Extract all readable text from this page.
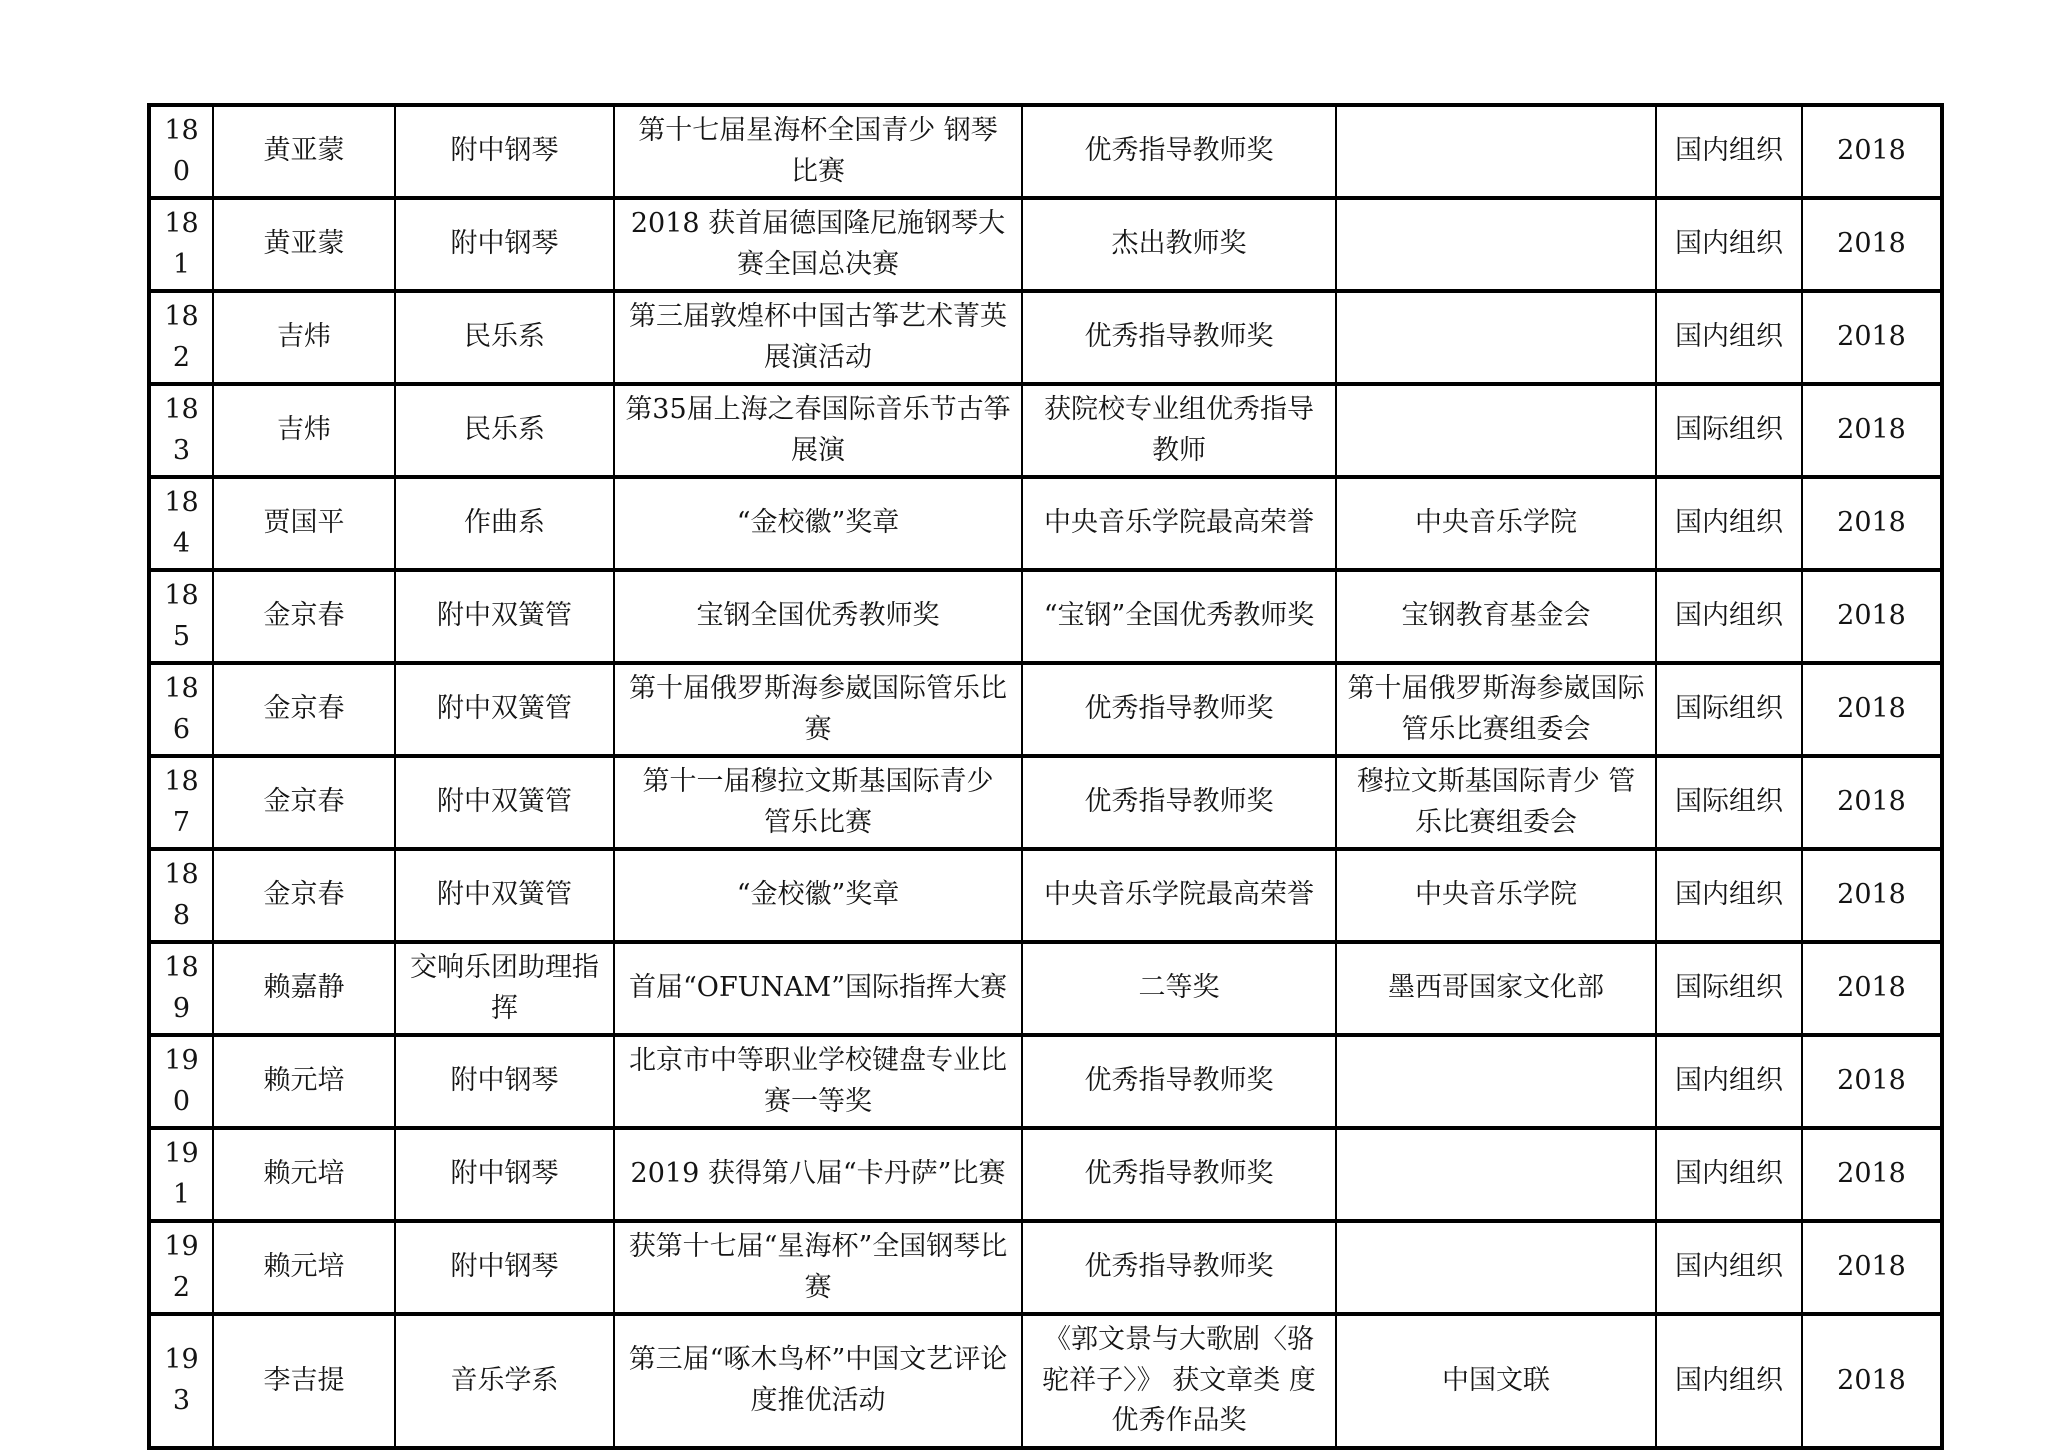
180	黄亚蒙	附中钢琴	第十七届星海杯全国青少 钢琴比赛	优秀指导教师奖		国内组织	2018
181	黄亚蒙	附中钢琴	2018 获首届德国隆尼施钢琴大赛全国总决赛	杰出教师奖		国内组织	2018
182	吉炜	民乐系	第三届敦煌杯中国古筝艺术菁英展演活动	优秀指导教师奖		国内组织	2018
183	吉炜	民乐系	第35届上海之春国际音乐节古筝展演	获院校专业组优秀指导教师		国际组织	2018
184	贾国平	作曲系	“金校徽”奖章	中央音乐学院最高荣誉	中央音乐学院	国内组织	2018
185	金京春	附中双簧管	宝钢全国优秀教师奖	“宝钢”全国优秀教师奖	宝钢教育基金会	国内组织	2018
186	金京春	附中双簧管	第十届俄罗斯海参崴国际管乐比赛	优秀指导教师奖	第十届俄罗斯海参崴国际管乐比赛组委会	国际组织	2018
187	金京春	附中双簧管	第十一届穆拉文斯基国际青少 管乐比赛	优秀指导教师奖	穆拉文斯基国际青少 管乐比赛组委会	国际组织	2018
188	金京春	附中双簧管	“金校徽”奖章	中央音乐学院最高荣誉	中央音乐学院	国内组织	2018
189	赖嘉静	交响乐团助理指挥	首届“OFUNAM”国际指挥大赛	二等奖	墨西哥国家文化部	国际组织	2018
190	赖元培	附中钢琴	北京市中等职业学校键盘专业比赛一等奖	优秀指导教师奖		国内组织	2018
191	赖元培	附中钢琴	2019 获得第八届“卡丹萨”比赛	优秀指导教师奖		国内组织	2018
192	赖元培	附中钢琴	获第十七届“星海杯”全国钢琴比赛	优秀指导教师奖		国内组织	2018
193	李吉提	音乐学系	第三届“啄木鸟杯”中国文艺评论 度推优活动	《郭文景与大歌剧〈骆驼祥子〉》 获文章类 度优秀作品奖	中国文联	国内组织	2018
